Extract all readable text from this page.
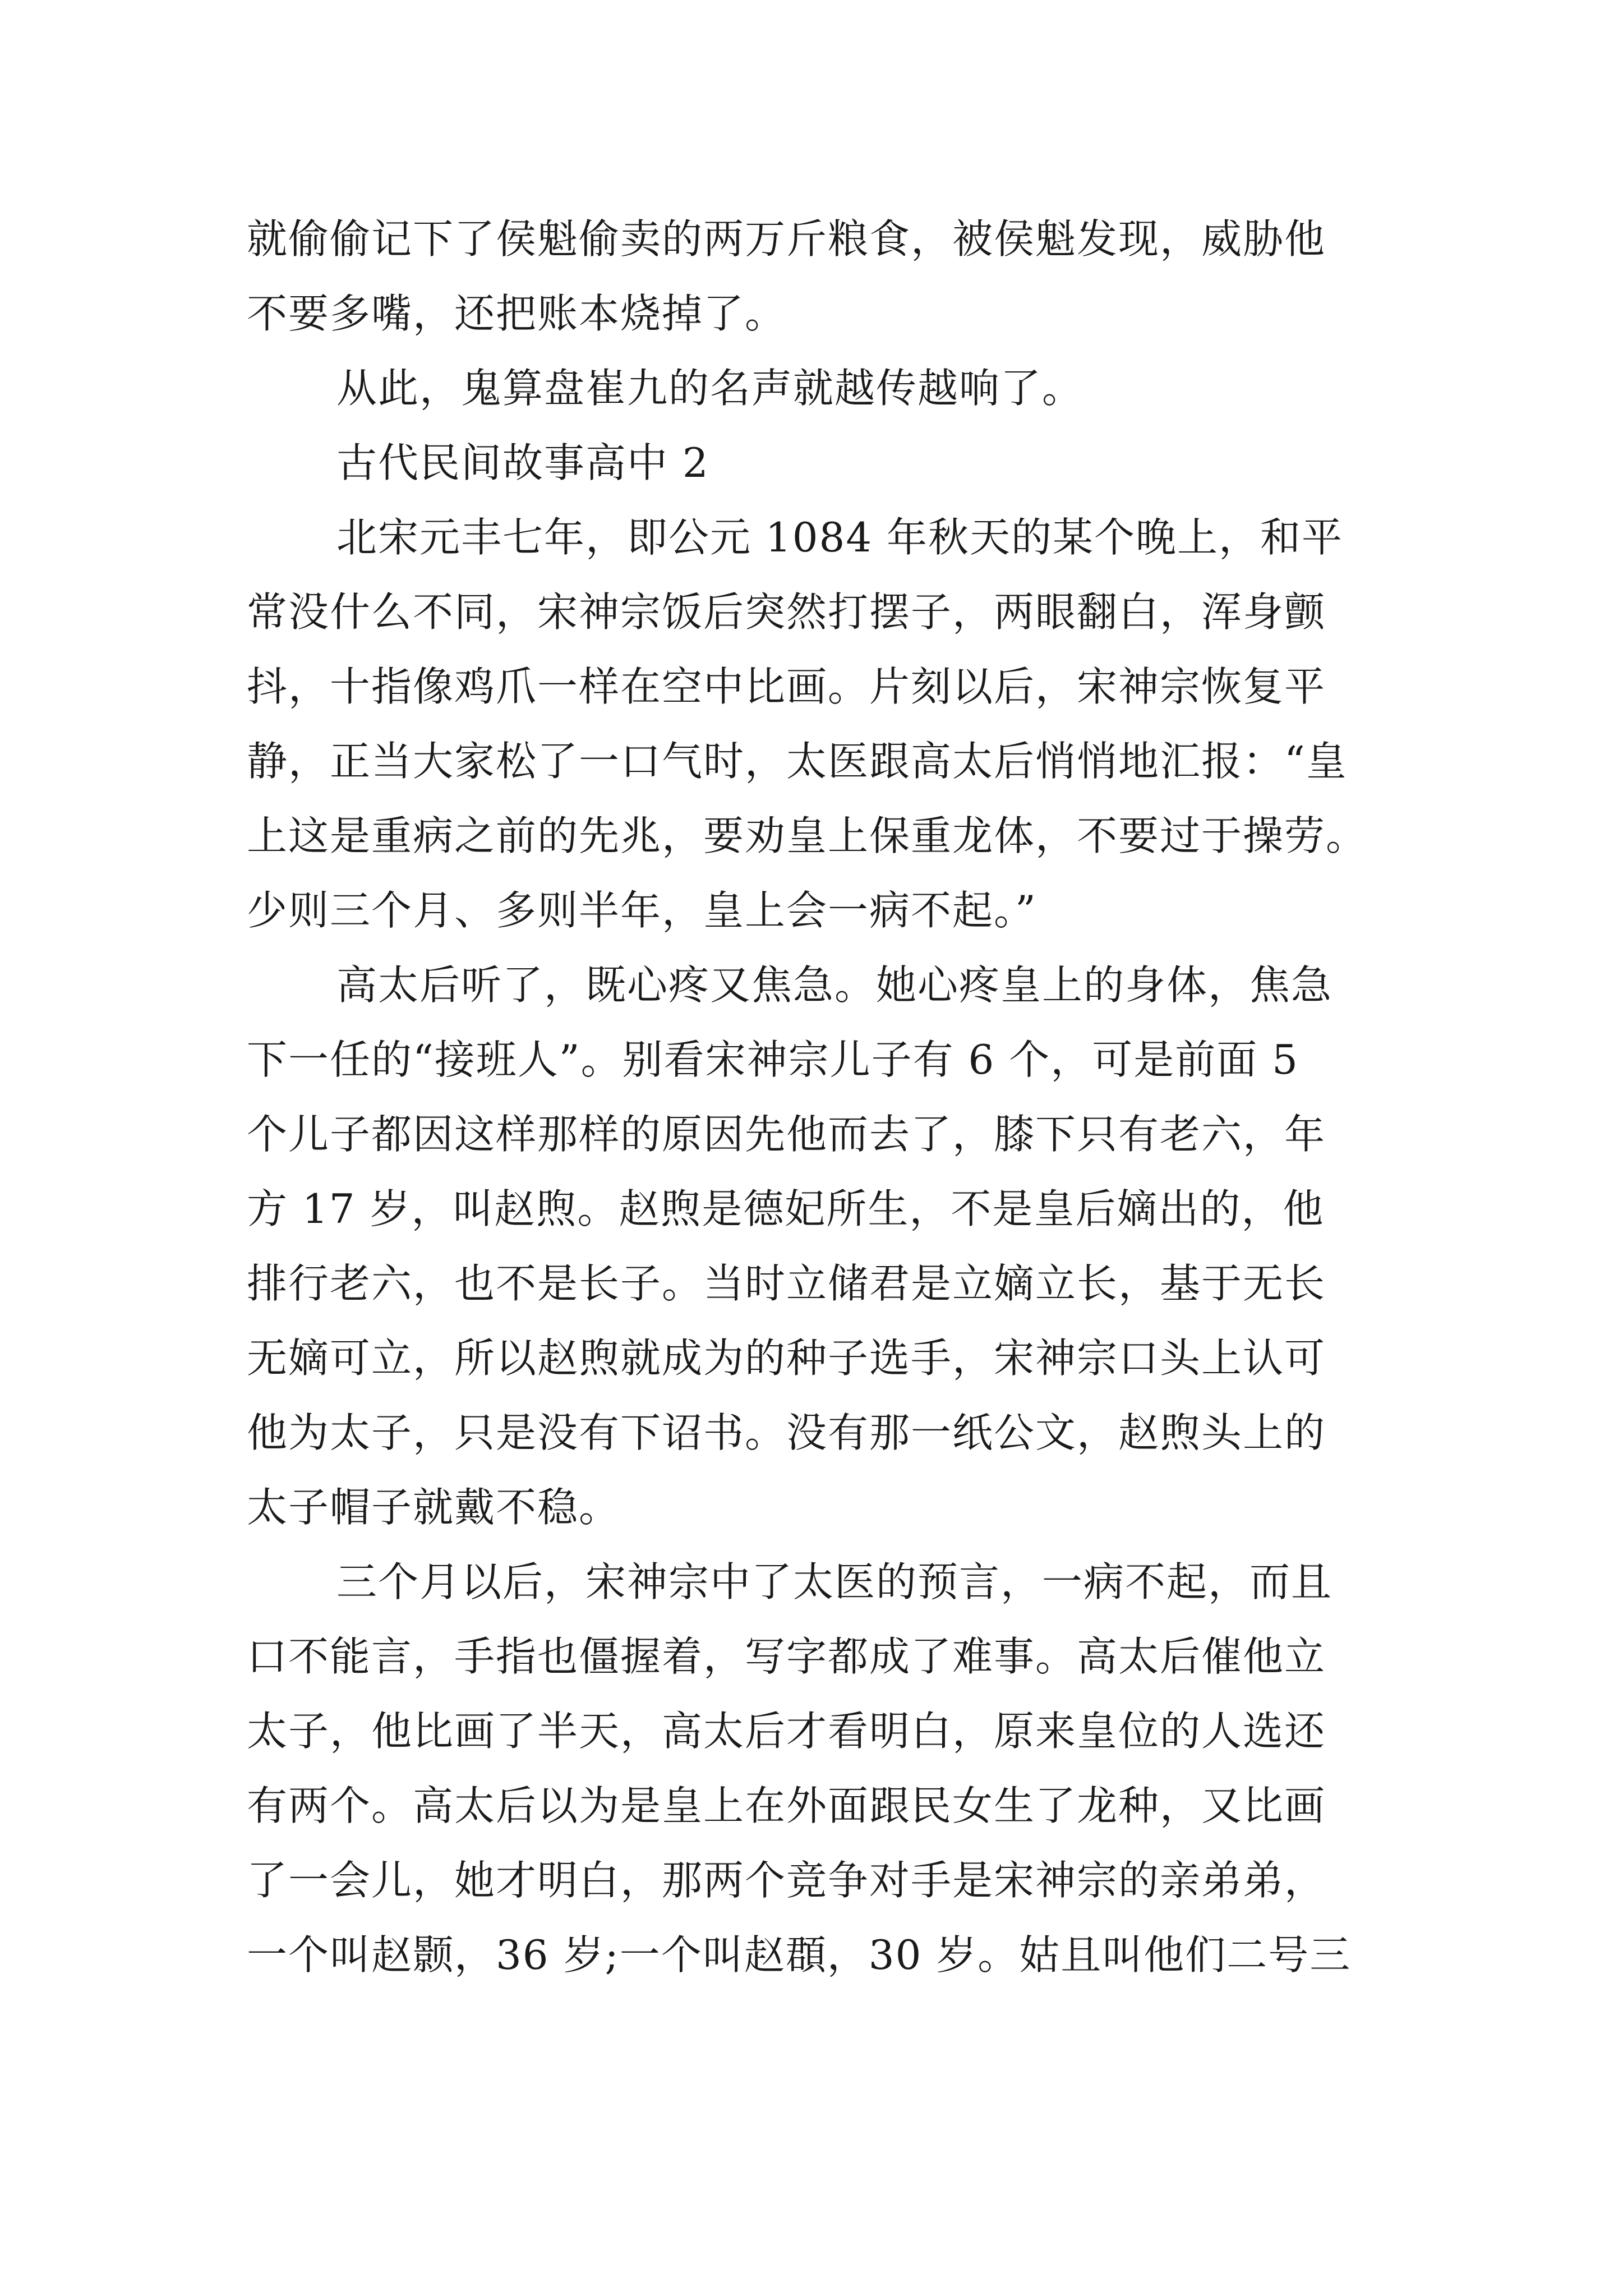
就偷偷记下了侯魁偷卖的两万斤粮食，被侯魁发现，威胁他
不要多嘴，还把账本烧掉了。
从此，鬼算盘崔九的名声就越传越响了。
古代民间故事高中 2
北宋元丰七年，即公元 1084 年秋天的某个晚上，和平
常没什么不同，宋神宗饭后突然打摆子，两眼翻白，浑身颤
抖，十指像鸡爪一样在空中比画。片刻以后，宋神宗恢复平
静，正当大家松了一口气时，太医跟高太后悄悄地汇报：“皇
上这是重病之前的先兆，要劝皇上保重龙体，不要过于操劳。
少则三个月、多则半年，皇上会一病不起。”
高太后听了，既心疼又焦急。她心疼皇上的身体，焦急
下一任的“接班人”。别看宋神宗儿子有 6 个，可是前面 5
个儿子都因这样那样的原因先他而去了，膝下只有老六，年
方 17 岁，叫赵煦。赵煦是德妃所生，不是皇后嫡出的，他
排行老六，也不是长子。当时立储君是立嫡立长，基于无长
无嫡可立，所以赵煦就成为的种子选手，宋神宗口头上认可
他为太子，只是没有下诏书。没有那一纸公文，赵煦头上的
太子帽子就戴不稳。
三个月以后，宋神宗中了太医的预言，一病不起，而且
口不能言，手指也僵握着，写字都成了难事。高太后催他立
太子，他比画了半天，高太后才看明白，原来皇位的人选还
有两个。高太后以为是皇上在外面跟民女生了龙种，又比画
了一会儿，她才明白，那两个竞争对手是宋神宗的亲弟弟，
一个叫赵颢，36 岁;一个叫赵頵，30 岁。姑且叫他们二号三
